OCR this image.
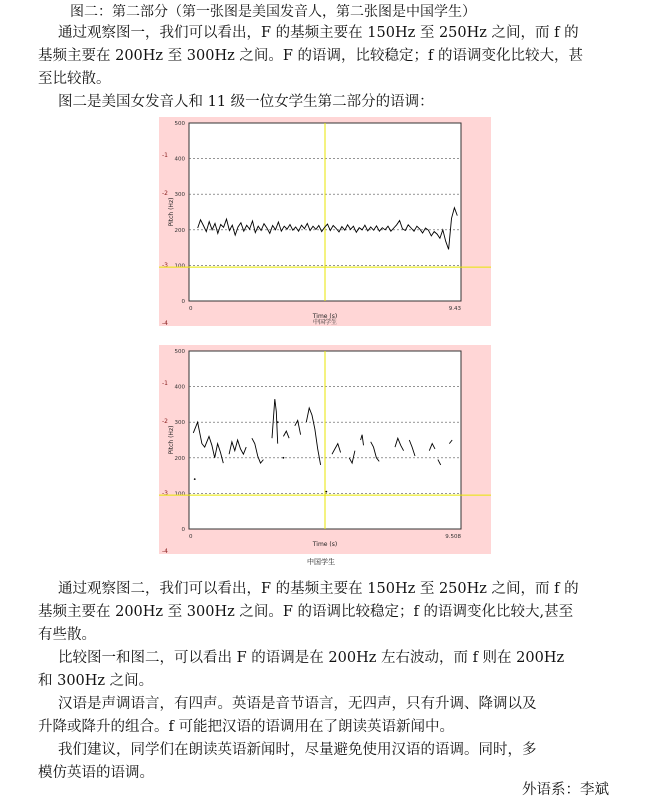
图二：第二部分（第一张图是美国发音人，第二张图是中国学生）
通过观察图一，我们可以看出，F 的基频主要在 150Hz 至 250Hz 之间，而 f 的
基频主要在 200Hz 至 300Hz 之间。F 的语调，比较稳定；f 的语调变化比较大，甚
至比较散。
图二是美国女发音人和 11 级一位女学生第二部分的语调：
0
100
200
300
400
500
-1
-2
-3
-4
Time (s)
Pitch (Hz)
0	9.43
中国学生
0
100
200
300
400
500
-1
-2
-3
-4
Time (s)
Pitch (Hz)
0	9.508
中国学生
通过观察图二，我们可以看出，F 的基频主要在 150Hz 至 250Hz 之间，而 f 的
基频主要在 200Hz 至 300Hz 之间。F 的语调比较稳定；f 的语调变化比较大,甚至
有些散。
比较图一和图二，可以看出 F 的语调是在 200Hz 左右波动，而 f 则在 200Hz
和 300Hz 之间。
汉语是声调语言，有四声。英语是音节语言，无四声，只有升调、降调以及
升降或降升的组合。f 可能把汉语的语调用在了朗读英语新闻中。
我们建议，同学们在朗读英语新闻时，尽量避免使用汉语的语调。同时，多
模仿英语的语调。
外语系：李斌
